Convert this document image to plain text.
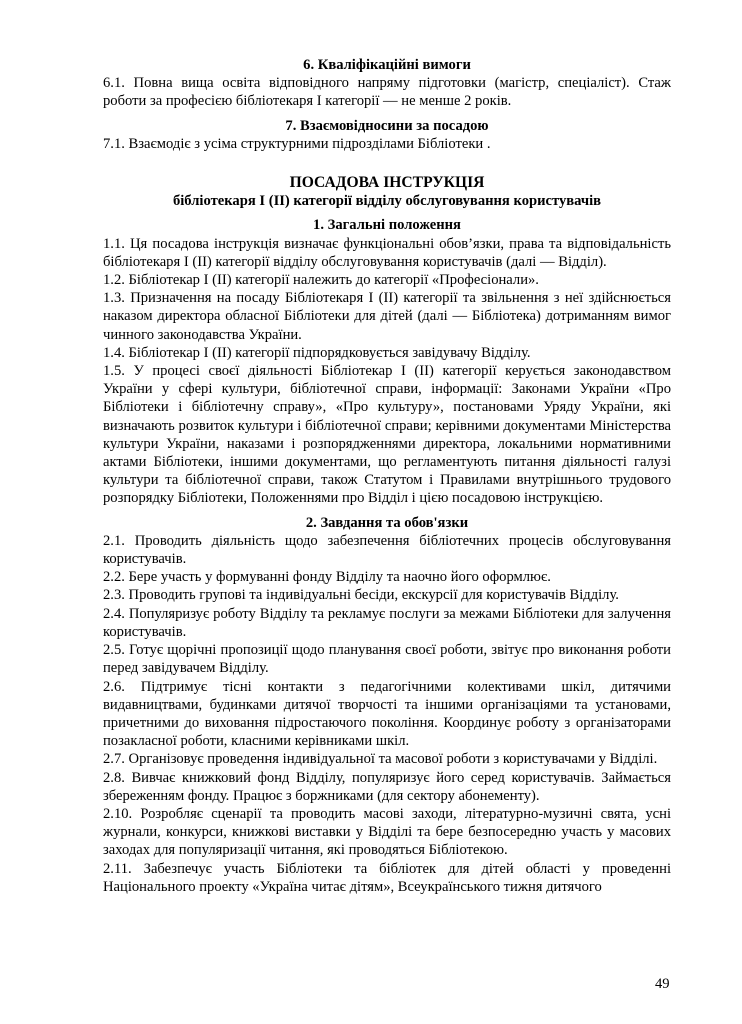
6. Кваліфікаційні вимоги

6.1. Повна вища освіта відповідного напряму підготовки (магістр, спеціаліст). Стаж роботи за професією бібліотекаря І категорії — не менше 2 років.

7. Взаємовідносини за посадою

7.1. Взаємодіє з усіма структурними підрозділами Бібліотеки .

ПОСАДОВА ІНСТРУКЦІЯ

бібліотекаря І (ІІ) категорії відділу обслуговування користувачів

1. Загальні положення

1.1. Ця посадова інструкція визначає функціональні обов’язки, права та відповідальність бібліотекаря І (ІІ) категорії відділу обслуговування користувачів (далі — Відділ).

1.2. Бібліотекар І (ІІ) категорії належить до категорії «Професіонали».

1.3. Призначення на посаду Бібліотекаря І (ІІ) категорії та звільнення з неї здійснюється наказом директора обласної Бібліотеки для дітей (далі — Бібліотека) дотриманням вимог чинного законодавства України.

1.4. Бібліотекар І (ІІ) категорії підпорядковується завідувачу Відділу.

1.5. У процесі своєї діяльності Бібліотекар І (ІІ) категорії керується законодавством України у сфері культури, бібліотечної справи, інформації: Законами України «Про Бібліотеки і бібліотечну справу», «Про культуру», постановами Уряду України, які визначають розвиток культури і бібліотечної справи; керівними документами Міністерства культури України, наказами і розпорядженнями директора, локальними нормативними актами Бібліотеки, іншими документами, що регламентують питання діяльності галузі культури та бібліотечної справи, також Статутом і Правилами внутрішнього трудового розпорядку Бібліотеки, Положеннями про Відділ і цією посадовою інструкцією.

2. Завдання та обов'язки

2.1. Проводить діяльність щодо забезпечення бібліотечних процесів обслуговування користувачів.

2.2. Бере участь у формуванні фонду Відділу та наочно його оформлює.

2.3. Проводить групові та індивідуальні бесіди, екскурсії для користувачів Відділу.

2.4. Популяризує роботу Відділу та рекламує послуги за межами Бібліотеки для залучення користувачів.

2.5. Готує щорічні пропозиції щодо планування своєї роботи, звітує про виконання роботи перед завідувачем Відділу.

2.6. Підтримує тісні контакти з педагогічними колективами шкіл, дитячими видавництвами, будинками дитячої творчості та іншими організаціями та установами, причетними до виховання підростаючого покоління. Координує роботу з організаторами позакласної роботи, класними керівниками шкіл.

2.7. Організовує проведення індивідуальної та масової роботи з користувачами у Відділі.

2.8. Вивчає книжковий фонд Відділу, популяризує його серед користувачів. Займається збереженням фонду. Працює з боржниками (для сектору абонементу).

2.10. Розробляє сценарії та проводить масові заходи, літературно-музичні свята, усні журнали, конкурси, книжкові виставки у Відділі та бере безпосередню участь у масових заходах для популяризації читання, які проводяться Бібліотекою.

2.11. Забезпечує участь Бібліотеки та бібліотек для дітей області у проведенні Національного проекту «Україна читає дітям», Всеукраїнського тижня дитячого

49
